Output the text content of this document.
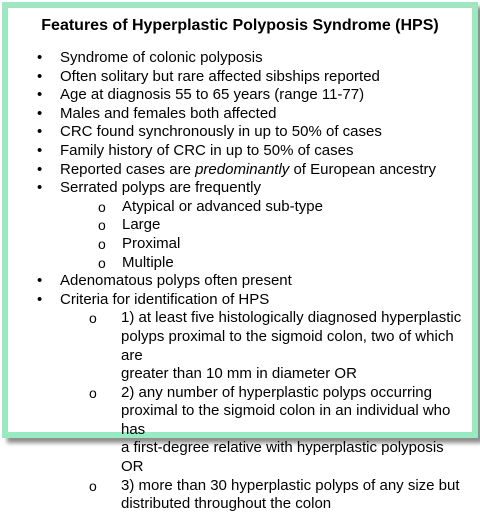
Features of Hyperplastic Polyposis Syndrome (HPS)
• Syndrome of colonic polyposis
• Often solitary but rare affected sibships reported
• Age at diagnosis 55 to 65 years (range 11-77)
• Males and females both affected
• CRC found synchronously in up to 50% of cases
• Family history of CRC in up to 50% of cases
• Reported cases are predominantly of European ancestry
• Serrated polyps are frequently
o Atypical or advanced sub-type
o Large
o Proximal
o Multiple
• Adenomatous polyps often present
• Criteria for identification of HPS
o 1) at least five histologically diagnosed hyperplastic
polyps proximal to the sigmoid colon, two of which are
greater than 10 mm in diameter OR
o 2) any number of hyperplastic polyps occurring
proximal to the sigmoid colon in an individual who has
a first-degree relative with hyperplastic polyposis OR
o 3) more than 30 hyperplastic polyps of any size but
distributed throughout the colon
